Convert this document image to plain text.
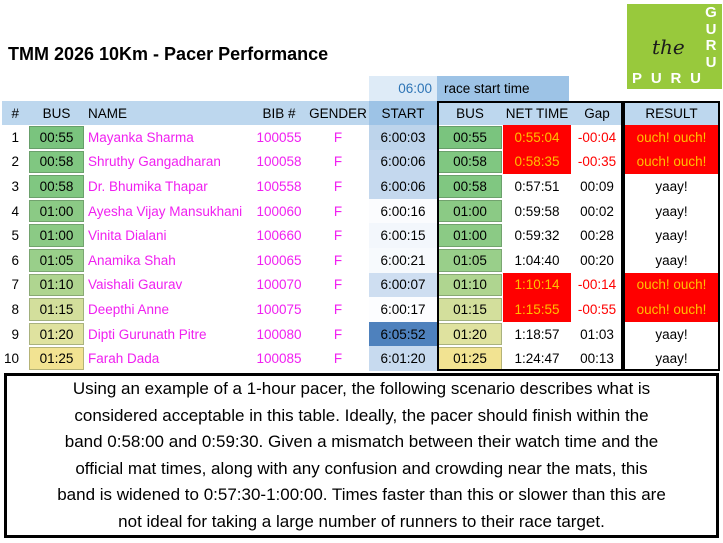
TMM 2026 10Km - Pacer Performance
G
U
R
U
the
P U R U
06:00 race start time
#	BUS	NAME	BIB #	GENDER	START	BUS	NET TIME	Gap	RESULT
1	00:55	Mayanka Sharma	100055	F	6:00:03	00:55	0:55:04	-00:04	ouch! ouch!
2	00:58	Shruthy Gangadharan	100058	F	6:00:06	00:58	0:58:35	-00:35	ouch! ouch!
3	00:58	Dr. Bhumika Thapar	100558	F	6:00:06	00:58	0:57:51	00:09	yaay!
4	01:00	Ayesha Vijay Mansukhani	100060	F	6:00:16	01:00	0:59:58	00:02	yaay!
5	01:00	Vinita Dialani	100660	F	6:00:15	01:00	0:59:32	00:28	yaay!
6	01:05	Anamika Shah	100065	F	6:00:21	01:05	1:04:40	00:20	yaay!
7	01:10	Vaishali Gaurav	100070	F	6:00:07	01:10	1:10:14	-00:14	ouch! ouch!
8	01:15	Deepthi Anne	100075	F	6:00:17	01:15	1:15:55	-00:55	ouch! ouch!
9	01:20	Dipti Gurunath Pitre	100080	F	6:05:52	01:20	1:18:57	01:03	yaay!
10	01:25	Farah Dada	100085	F	6:01:20	01:25	1:24:47	00:13	yaay!
Using an example of a 1-hour pacer, the following scenario describes what is
considered acceptable in this table. Ideally, the pacer should finish within the
band 0:58:00 and 0:59:30. Given a mismatch between their watch time and the
official mat times, along with any confusion and crowding near the mats, this
band is widened to 0:57:30-1:00:00. Times faster than this or slower than this are
not ideal for taking a large number of runners to their race target.
